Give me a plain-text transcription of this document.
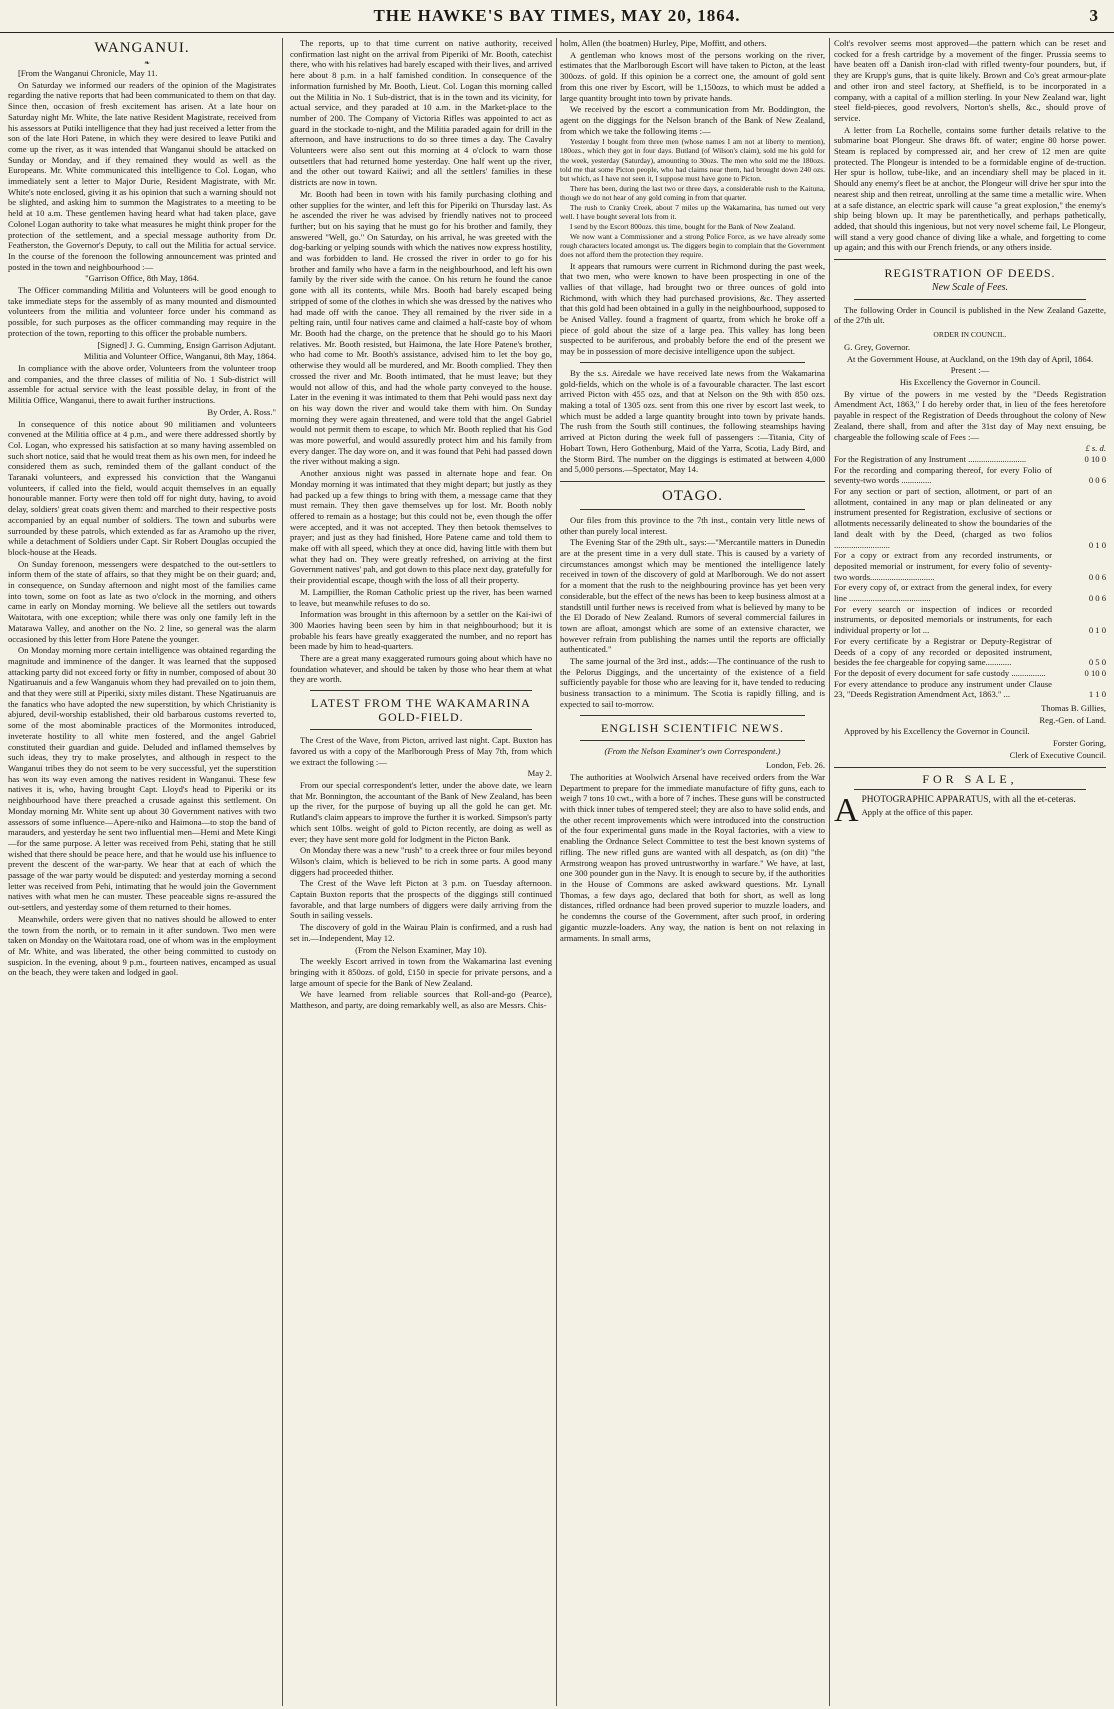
THE HAWKE'S BAY TIMES, MAY 20, 1864.	3
WANGANUI.

❧

[From the Wanganui Chronicle, May 11.

On Saturday we informed our readers of the opinion of the Magistrates regarding the native reports that had been communicated to them on that day. Since then, occasion of fresh excitement has arisen. At a late hour on Saturday night Mr. White, the late native Resident Magistrate, received from his assessors at Putiki intelligence that they had just received a letter from the son of the late Hori Patene, in which they were desired to leave Putiki and come up the river, as it was intended that Wanganui should be attacked on Sunday or Monday, and if they remained they would as well as the Europeans. Mr. White communicated this intelligence to Col. Logan, who immediately sent a letter to Major Durie, Resident Magistrate, with Mr. White's note enclosed, giving it as his opinion that such a warning should not be slighted, and asking him to summon the Magistrates to a meeting to be held at 10 a.m. These gentlemen having heard what had taken place, gave Colonel Logan authority to take what measures he might think proper for the protection of the settlement, and a special message authority from Dr. Featherston, the Governor's Deputy, to call out the Militia for actual service. In the course of the forenoon the following announcement was printed and posted in the town and neighbourhood :—

"Garrison Office, 8th May, 1864.

The Officer commanding Militia and Volunteers will be good enough to take immediate steps for the assembly of as many mounted and dismounted volunteers from the militia and volunteer force under his command as possible, for such purposes as the officer commanding may require in the protection of the town, reporting to this officer the probable numbers.

[Signed] J. G. Cumming, Ensign Garrison Adjutant.

Militia and Volunteer Office, Wanganui, 8th May, 1864.

In compliance with the above order, Volunteers from the volunteer troop and companies, and the three classes of militia of No. 1 Sub-district will assemble for actual service with the least possible delay, in front of the Militia Office, Wanganui, there to await further instructions.

By Order, A. Ross."

In consequence of this notice about 90 militiamen and volunteers convened at the Militia office at 4 p.m., and were there addressed shortly by Col. Logan, who expressed his satisfaction at so many having assembled on such short notice, said that he would treat them as his own men, for indeed he considered them as such, reminded them of the gallant conduct of the Taranaki volunteers, and expressed his conviction that the Wanganui volunteers, if called into the field, would acquit themselves in an equally honourable manner. Forty were then told off for night duty, having, to avoid delay, soldiers' great coats given them: and marched to their respective posts accompanied by an equal number of soldiers. The town and suburbs were surrounded by these patrols, which extended as far as Aramoho up the river, while a detachment of Soldiers under Capt. Sir Robert Douglas occupied the block-house at the Heads.

On Sunday forenoon, messengers were despatched to the out-settlers to inform them of the state of affairs, so that they might be on their guard; and, in consequence, on Sunday afternoon and night most of the families came into town, some on foot as late as two o'clock in the morning, and others came in early on Monday morning. We believe all the settlers out towards Waitotara, with one exception; while there was only one family left in the Matarawa Valley, and another on the No. 2 line, so general was the alarm occasioned by this letter from Hore Patene the younger.

On Monday morning more certain intelligence was obtained regarding the magnitude and imminence of the danger. It was learned that the supposed attacking party did not exceed forty or fifty in number, composed of about 30 Ngatiruanuis and a few Wanganuis whom they had prevailed on to join them, and that they were still at Piperiki, sixty miles distant. These Ngatiruanuis are the fanatics who have adopted the new superstition, by which Christianity is abjured, devil-worship established, their old barbarous customs reverted to, some of the most abominable practices of the Mormonites introduced, inveterate hostility to all white men fostered, and the angel Gabriel constituted their guardian and guide. Deluded and inflamed themselves by such ideas, they try to make proselytes, and although in respect to the Wanganui tribes they do not seem to be very successful, yet the superstition has won its way even among the natives resident in Wanganui. These few natives it is, who, having brought Capt. Lloyd's head to Piperiki or its neighbourhood have there preached a crusade against this settlement. On Monday morning Mr. White sent up about 30 Government natives with two assessors of some influence—Apere-niko and Haimona—to stop the band of marauders, and yesterday he sent two influential men—Hemi and Mete Kingi—for the same purpose. A letter was received from Pehi, stating that he still wished that there should be peace here, and that he would use his influence to prevent the descent of the war-party. We hear that at each of which the passage of the war party would be disputed: and yesterday morning a second letter was received from Pehi, intimating that he would join the Government natives with what men he can muster. These peaceable signs re-assured the out-settlers, and yesterday some of them returned to their homes.

Meanwhile, orders were given that no natives should be allowed to enter the town from the north, or to remain in it after sundown. Two men were taken on Monday on the Waitotara road, one of whom was in the employment of Mr. White, and was liberated, the other being committed to custody on suspicion. In the evening, about 9 p.m., fourteen natives, encamped as usual on the beach, they were taken and lodged in gaol.

The reports, up to that time current on native authority, received confirmation last night on the arrival from Piperiki of Mr. Booth, catechist there, who with his relatives had barely escaped with their lives, and arrived here about 8 p.m. in a half famished condition. In consequence of the information furnished by Mr. Booth, Lieut. Col. Logan this morning called out the Militia in No. 1 Sub-district, that is in the town and its vicinity, for actual service, and they paraded at 10 a.m. in the Market-place to the number of 200. The Company of Victoria Rifles was appointed to act as guard in the stockade to-night, and the Militia paraded again for drill in the afternoon, and have instructions to do so three times a day. The Cavalry Volunteers were also sent out this morning at 4 o'clock to warn those outsettlers that had returned home yesterday. One half went up the river, and the other out toward Kaiiwi; and all the settlers' families in these districts are now in town.

Mr. Booth had been in town with his family purchasing clothing and other supplies for the winter, and left this for Piperiki on Thursday last. As he ascended the river he was advised by friendly natives not to proceed further; but on his saying that he must go for his brother and family, they answered "Well, go." On Saturday, on his arrival, he was greeted with the dog-barking or yelping sounds with which the natives now express hostility, and was forbidden to land. He crossed the river in order to go for his brother and family who have a farm in the neighbourhood, and left his own family by the river side with the canoe. On his return he found the canoe gone with all its contents, while Mrs. Booth had barely escaped being stripped of some of the clothes in which she was dressed by the natives who had made off with the canoe. They all remained by the river side in a pelting rain, until four natives came and claimed a half-caste boy of whom Mr. Booth had the charge, on the pretence that he should go to his Maori relatives. Mr. Booth resisted, but Haimona, the late Hore Patene's brother, who had come to Mr. Booth's assistance, advised him to let the boy go, otherwise they would all be murdered, and Mr. Booth complied. They then crossed the river and Mr. Booth intimated, that he must leave; but they would not allow of this, and had the whole party conveyed to the house. Later in the evening it was intimated to them that Pehi would pass next day on his way down the river and would take them with him. On Sunday morning they were again threatened, and were told that the angel Gabriel would not permit them to escape, to which Mr. Booth replied that his God was more powerful, and would assuredly protect him and his family from every danger. The day wore on, and it was found that Pehi had passed down the river without making a sign.

Another anxious night was passed in alternate hope and fear. On Monday morning it was intimated that they might depart; but justly as they had packed up a few things to bring with them, a message came that they must remain. They then gave themselves up for lost. Mr. Booth nobly offered to remain as a hostage; but this could not be, even though the offer were accepted, and it was not accepted. They then betook themselves to prayer; and just as they had finished, Hore Patene came and told them to make off with all speed, which they at once did, having little with them but what they had on. They were greatly refreshed, on arriving at the first Government natives' pah, and got down to this place next day, gratefully for their providential escape, though with the loss of all their property.

M. Lampillier, the Roman Catholic priest up the river, has been warned to leave, but meanwhile refuses to do so.

Information was brought in this afternoon by a settler on the Kai-iwi of 300 Maories having been seen by him in that neighbourhood; but it is probable his fears have greatly exaggerated the number, and no report has been made by him to head-quarters.

There are a great many exaggerated rumours going about which have no foundation whatever, and should be taken by those who hear them at what they are worth.

LATEST FROM THE WAKAMARINA GOLD-FIELD.

The Crest of the Wave, from Picton, arrived last night. Capt. Buxton has favored us with a copy of the Marlborough Press of May 7th, from which we extract the following :—

May 2.

From our special correspondent's letter, under the above date, we learn that Mr. Bonnington, the accountant of the Bank of New Zealand, has been up the river, for the purpose of buying up all the gold he can get. Mr. Rutland's claim appears to improve the further it is worked. Simpson's party which sent 10lbs. weight of gold to Picton recently, are doing as well as ever; they have sent more gold for lodgment in the Picton Bank.

On Monday there was a new "rush" to a creek three or four miles beyond Wilson's claim, which is believed to be rich in some parts. A good many diggers had proceeded thither.

The Crest of the Wave left Picton at 3 p.m. on Tuesday afternoon. Captain Buxton reports that the prospects of the diggings still continued favorable, and that large numbers of diggers were daily arriving from the South in sailing vessels.

The discovery of gold in the Wairau Plain is confirmed, and a rush had set in.—Independent, May 12.

(From the Nelson Examiner, May 10).

The weekly Escort arrived in town from the Wakamarina last evening bringing with it 850ozs. of gold, £150 in specie for private persons, and a large amount of specie for the Bank of New Zealand.

We have learned from reliable sources that Roll-and-go (Pearce), Mattheson, and party, are doing remarkably well, as also are Messrs. Chis-

holm, Allen (the boatmen) Hurley, Pipe, Moffitt, and others.

A gentleman who knows most of the persons working on the river, estimates that the Marlborough Escort will have taken to Picton, at the least 300ozs. of gold. If this opinion be a correct one, the amount of gold sent from this one river by Escort, will be 1,150ozs, to which must be added a large quantity brought into town by private hands.

We received by the escort a communication from Mr. Boddington, the agent on the diggings for the Nelson branch of the Bank of New Zealand, from which we take the following items :—

Yesterday I bought from three men (whose names I am not at liberty to mention), 180ozs., which they got in four days. Butland (of Wilson's claim), sold me his gold for the week, yesterday (Saturday), amounting to 30ozs. The men who sold me the 180ozs. told me that some Picton people, who had claims near them, had brought down 240 ozs. but which, as I have not seen it, I suppose must have gone to Picton.

There has been, during the last two or three days, a considerable rush to the Kaituna, though we do not hear of any gold coming in from that quarter.

The rush to Cranky Creek, about 7 miles up the Wakamarina, has turned out very well. I have bought several lots from it.

I send by the Escort 800ozs. this time, bought for the Bank of New Zealand.

We now want a Commissioner and a strong Police Force, as we have already some rough characters located amongst us. The diggers begin to complain that the Government does not afford them the protection they require.

It appears that rumours were current in Richmond during the past week, that two men, who were known to have been prospecting in one of the vallies of that village, had brought two or three ounces of gold into Richmond, with which they had purchased provisions, &c. They asserted that this gold had been obtained in a gully in the neighbourhood, supposed to be Anised Valley. found a fragment of quartz, from which he broke off a piece of gold about the size of a large pea. This valley has long been suspected to be auriferous, and probably before the end of the present we may be in possession of more decisive intelligence upon the subject.

By the s.s. Airedale we have received late news from the Wakamarina gold-fields, which on the whole is of a favourable character. The last escort arrived Picton with 455 ozs, and that at Nelson on the 9th with 850 ozs. making a total of 1305 ozs. sent from this one river by escort last week, to which must be added a large quantity brought into town by private hands. The rush from the South still continues, the following steamships having arrived at Picton during the week full of passengers :—Titania, City of Hobart Town, Hero Gothenburg, Maid of the Yarra, Scotia, Lady Bird, and the Storm Bird. The number on the diggings is estimated at between 4,000 and 5,000 persons.—Spectator, May 14.

OTAGO.

Our files from this province to the 7th inst., contain very little news of other than purely local interest.

The Evening Star of the 29th ult., says:—"Mercantile matters in Dunedin are at the present time in a very dull state. This is caused by a variety of circumstances amongst which may be mentioned the intelligence lately received in town of the discovery of gold at Marlborough. We do not assert for a moment that the rush to the neighbouring province has yet been very considerable, but the effect of the news has been to keep business almost at a standstill until further news is received from what is believed by many to be the El Dorado of New Zealand. Rumors of several commercial failures in town are afloat, amongst which are some of an extensive character, we however refrain from publishing the names until the reports are officially authenticated."

The same journal of the 3rd inst., adds:—The continuance of the rush to the Pelorus Diggings, and the uncertainty of the existence of a field sufficiently payable for those who are leaving for it, have tended to reducing business transaction to a minimum. The Scotia is rapidly filling, and is expected to sail to-morrow.

ENGLISH SCIENTIFIC NEWS.
(From the Nelson Examiner's own Correspondent.)

London, Feb. 26.

The authorities at Woolwich Arsenal have received orders from the War Department to prepare for the immediate manufacture of fifty guns, each to weigh 7 tons 10 cwt., with a bore of 7 inches. These guns will be constructed with thick inner tubes of tempered steel; they are also to have solid ends, and the other recent improvements which were introduced into the construction of the four experimental guns made in the Royal factories, with a view to enabling the Ordnance Select Committee to test the best known systems of rifling. The new rifled guns are wanted with all despatch, as (on dit) "the Armstrong weapon has proved untrustworthy in warfare." We have, at last, one 300 pounder gun in the Navy. It is enough to secure by, if the authorities in the House of Commons are asked awkward questions. Mr. Lynall Thomas, a few days ago, declared that both for short, as well as long distances, rifled ordnance had been proved superior to muzzle loaders, and he condemns the course of the Government, after such proof, in ordering gigantic muzzle-loaders. Any way, the nation is bent on not relaxing in armaments. In small arms,

Colt's revolver seems most approved—the pattern which can be reset and cocked for a fresh cartridge by a movement of the finger. Prussia seems to have beaten off a Danish iron-clad with rifled twenty-four pounders, but, if they are Krupp's guns, that is quite likely. Brown and Co's great armour-plate and other iron and steel factory, at Sheffield, is to be incorporated in a company, with a capital of a million sterling. In your New Zealand war, light steel field-pieces, good revolvers, Norton's shells, &c., should prove of service.

A letter from La Rochelle, contains some further details relative to the submarine boat Plongeur. She draws 8ft. of water; engine 80 horse power. Steam is replaced by compressed air, and her crew of 12 men are quite protected. The Plongeur is intended to be a formidable engine of de-truction. Her spur is hollow, tube-like, and an incendiary shell may be placed in it. Should any enemy's fleet be at anchor, the Plongeur will drive her spur into the nearest ship and then retreat, unrolling at the same time a metallic wire. When at a safe distance, an electric spark will cause "a great explosion," the enemy's ship being blown up. It may be parenthetically, and perhaps pathetically, added, that should this ingenious, but not very novel scheme fail, Le Plongeur, will stand a very good chance of diving like a whale, and forgetting to come up again; and this with our French friends, or any others inside.

REGISTRATION OF DEEDS.
New Scale of Fees.

The following Order in Council is published in the New Zealand Gazette, of the 27th ult.

ORDER IN COUNCIL.

G. Grey, Governor.

At the Government House, at Auckland, on the 19th day of April, 1864.

Present :—

His Excellency the Governor in Council.

By virtue of the powers in me vested by the "Deeds Registration Amendment Act, 1863," I do hereby order that, in lieu of the fees heretofore payable in respect of the Registration of Deeds throughout the colony of New Zealand, there shall, from and after the 31st day of May next ensuing, be chargeable the following scale of Fees :—

	£ s. d.
For the Registration of any Instrument ...........................	0 10 0
For the recording and comparing thereof, for every Folio of seventy-two words ..............	0 0 6
For any section or part of section, allotment, or part of an allotment, contained in any map or plan delineated or any instrument presented for Registration, exclusive of sections or allotments necessarily delineated to show the boundaries of the land dealt with by the Deed, (charged as two folios ..........................	0 1 0
For a copy or extract from any recorded instruments, or deposited memorial or instrument, for every folio of seventy-two words..............................	0 0 6
For every copy of, or extract from the general index, for every line ......................................	0 0 6
For every search or inspection of indices or recorded instruments, or deposited memorials or instruments, for each individual property or lot ...	0 1 0
For every certificate by a Registrar or Deputy-Registrar of Deeds of a copy of any recorded or deposited instrument, besides the fee chargeable for copying same............	0 5 0
For the deposit of every document for safe custody ................	0 10 0
For every attendance to produce any instrument under Clause 23, "Deeds Registration Amendment Act, 1863." ...	1 1 0

Thomas B. Gillies,

Reg.-Gen. of Land.

Approved by his Excellency the Governor in Council.

Forster Goring,

Clerk of Executive Council.

FOR SALE,
A PHOTOGRAPHIC APPARATUS, with all the et-ceteras.

Apply at the office of this paper.
